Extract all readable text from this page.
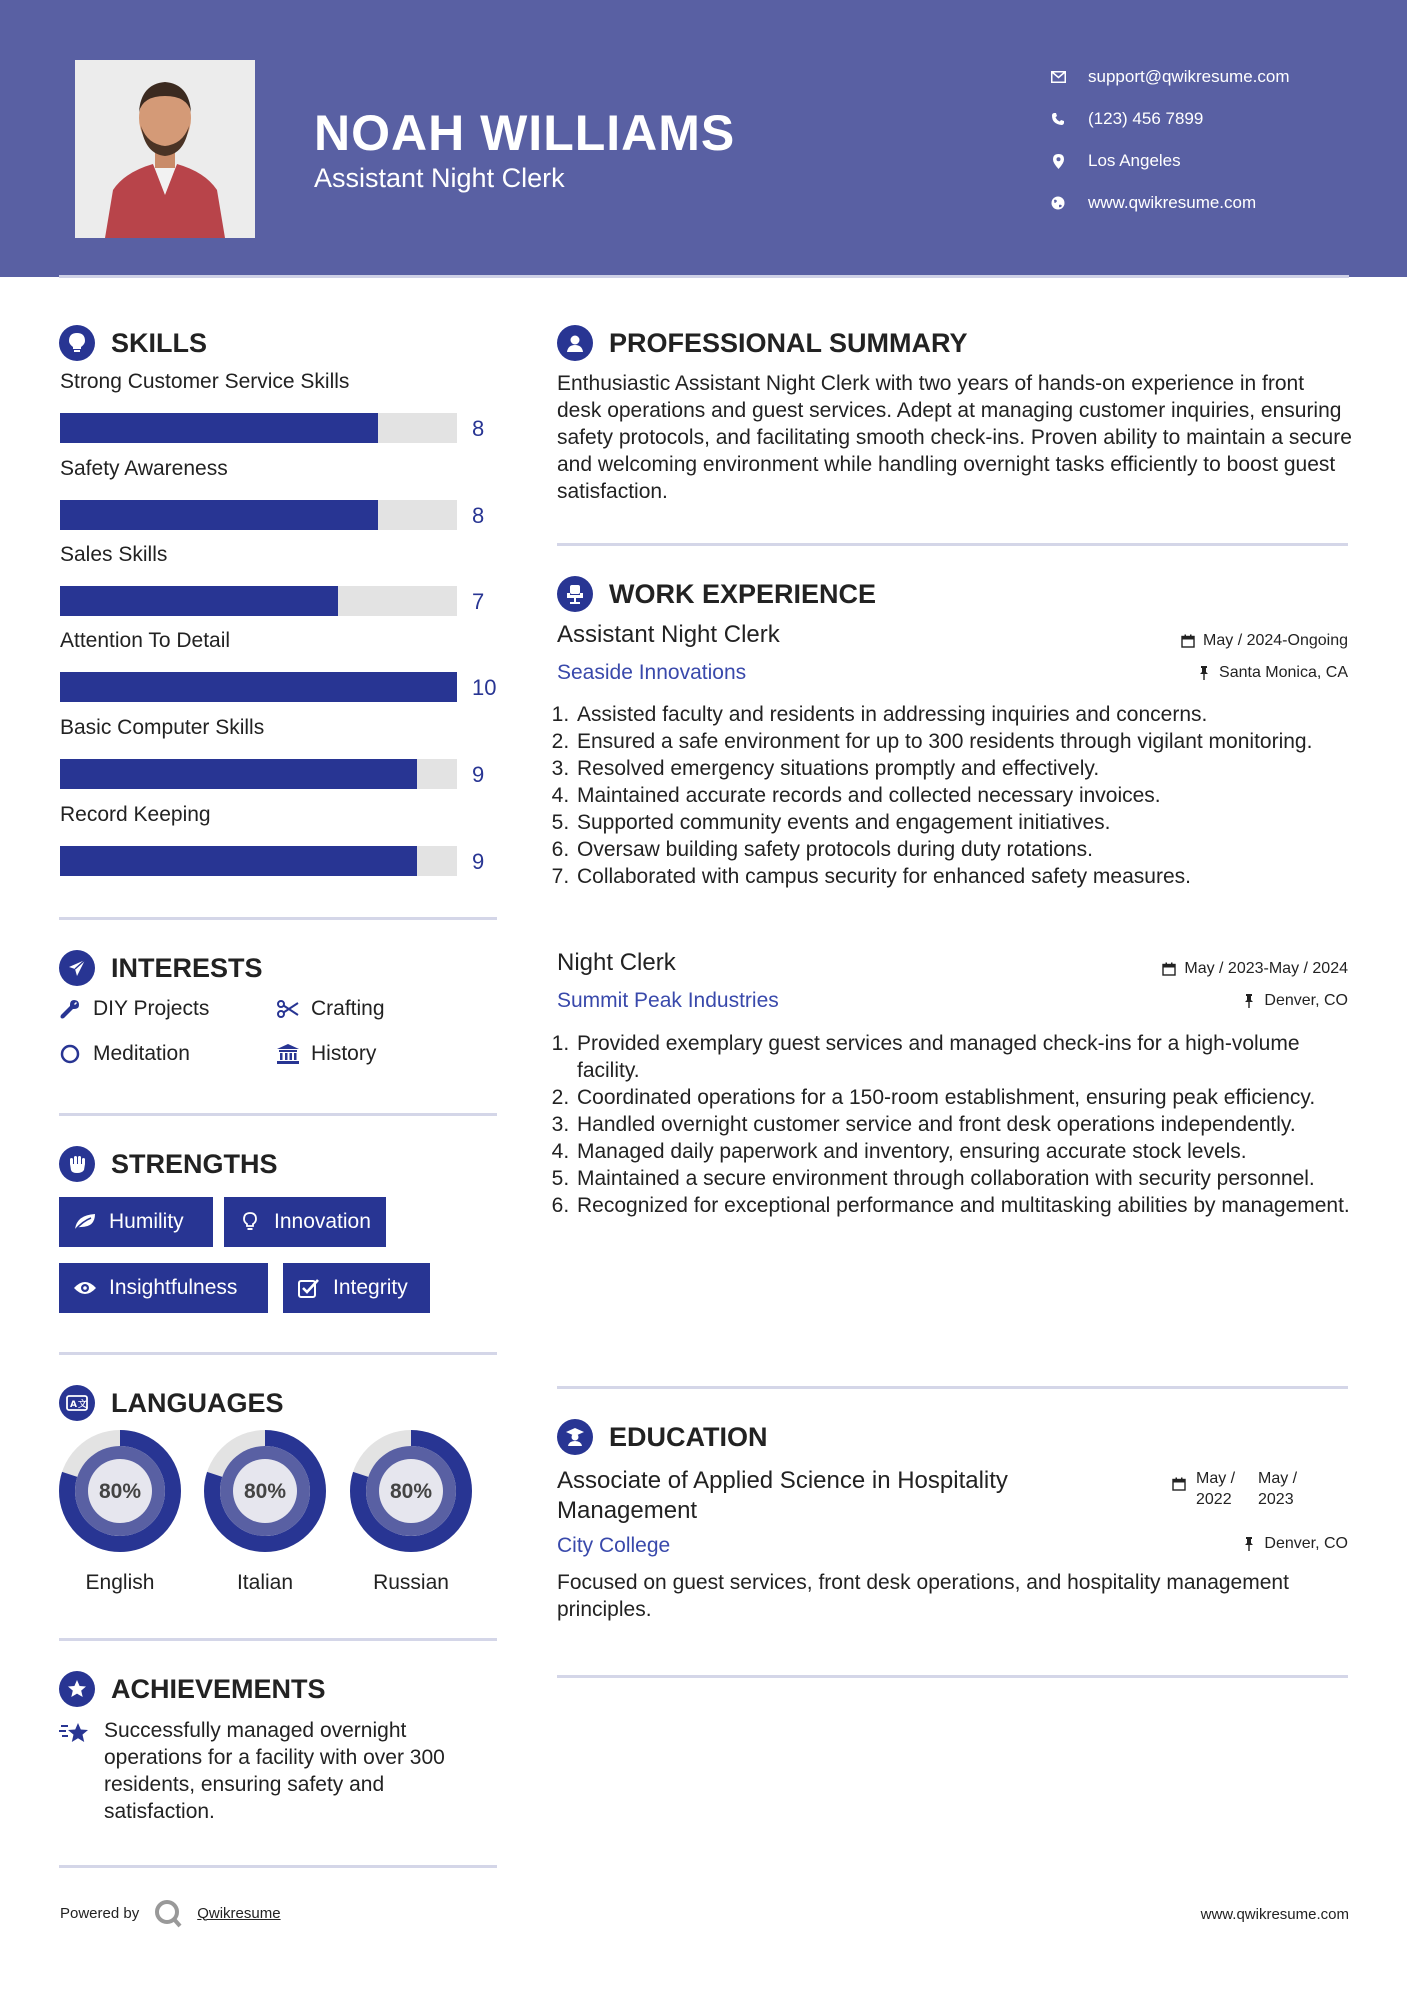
NOAH WILLIAMS
Assistant Night Clerk
support@qwikresume.com
(123) 456 7899
Los Angeles
www.qwikresume.com
SKILLS
Strong Customer Service Skills
8
Safety Awareness
8
Sales Skills
7
Attention To Detail
10
Basic Computer Skills
9
Record Keeping
9
INTERESTS
DIY Projects	Crafting
Meditation	History
STRENGTHS
Humility	Innovation
Insightfulness	Integrity
A 文 LANGUAGES
80%
English
80%
Italian
80%
Russian
ACHIEVEMENTS
Successfully managed overnight operations for a facility with over 300 residents, ensuring safety and satisfaction.
PROFESSIONAL SUMMARY
Enthusiastic Assistant Night Clerk with two years of hands-on experience in front desk operations and guest services. Adept at managing customer inquiries, ensuring safety protocols, and facilitating smooth check-ins. Proven ability to maintain a secure and welcoming environment while handling overnight tasks efficiently to boost guest satisfaction.
WORK EXPERIENCE
Assistant Night Clerk
Seaside Innovations
May / 2024-Ongoing
Santa Monica, CA
1. Assisted faculty and residents in addressing inquiries and concerns.
2. Ensured a safe environment for up to 300 residents through vigilant monitoring.
3. Resolved emergency situations promptly and effectively.
4. Maintained accurate records and collected necessary invoices.
5. Supported community events and engagement initiatives.
6. Oversaw building safety protocols during duty rotations.
7. Collaborated with campus security for enhanced safety measures.
Night Clerk
Summit Peak Industries
May / 2023-May / 2024
Denver, CO
1. Provided exemplary guest services and managed check-ins for a high-volume facility.
2. Coordinated operations for a 150-room establishment, ensuring peak efficiency.
3. Handled overnight customer service and front desk operations independently.
4. Managed daily paperwork and inventory, ensuring accurate stock levels.
5. Maintained a secure environment through collaboration with security personnel.
6. Recognized for exceptional performance and multitasking abilities by management.
EDUCATION
Associate of Applied Science in Hospitality Management
May / 2022
May / 2023
City College	Denver, CO
Focused on guest services, front desk operations, and hospitality management principles.
Powered by	Qwikresume	www.qwikresume.com
